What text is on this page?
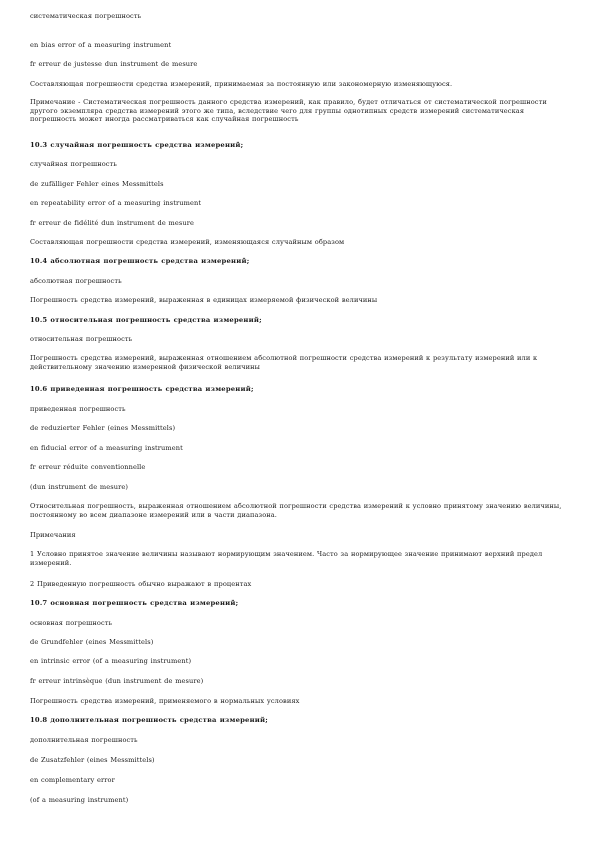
систематическая погрешность
en bias error of a measuring instrument
fr erreur de justesse dun instrument de mesure
Составляющая погрешности средства измерений, принимаемая за постоянную или закономерную изменяющуюся.
Примечание - Систематическая погрешность данного средства измерений, как правило, будет отличаться от систематической погрешности другого экземпляра средства измерений этого же типа, вследствие чего для группы однотипных средств измерений систематическая погрешность может иногда рассматриваться как случайная погрешность
10.3 случайная погрешность средства измерений;
случайная погрешность
de zufälliger Fehler eines Messmittels
en repeatability error of a measuring instrument
fr erreur de fidélité dun instrument de mesure
Составляющая погрешности средства измерений, изменяющаяся случайным образом
10.4 абсолютная погрешность средства измерений;
абсолютная погрешность
Погрешность средства измерений, выраженная в единицах измеряемой физической величины
10.5 относительная погрешность средства измерений;
относительная погрешность
Погрешность средства измерений, выраженная отношением абсолютной погрешности средства измерений к результату измерений или к действительному значению измеренной физической величины
10.6 приведенная погрешность средства измерений;
приведенная погрешность
de reduzierter Fehler (eines Messmittels)
en fiducial error of a measuring instrument
fr erreur réduite conventionnelle
(dun instrument de mesure)
Относительная погрешность, выраженная отношением абсолютной погрешности средства измерений к условно принятому значению величины, постоянному во всем диапазоне измерений или в части диапазона.
Примечания
1 Условно принятое значение величины называют нормирующим значением. Часто за нормирующее значение принимают верхний предел измерений.
2 Приведенную погрешность обычно выражают в процентах
10.7 основная погрешность средства измерений;
основная погрешность
de Grundfehler (eines Messmittels)
en intrinsic error (of a measuring instrument)
fr erreur intrinsèque (dun instrument de mesure)
Погрешность средства измерений, применяемого в нормальных условиях
10.8 дополнительная погрешность средства измерений;
дополнительная погрешность
de Zusatzfehler (eines Messmittels)
en complementary error
(of a measuring instrument)
